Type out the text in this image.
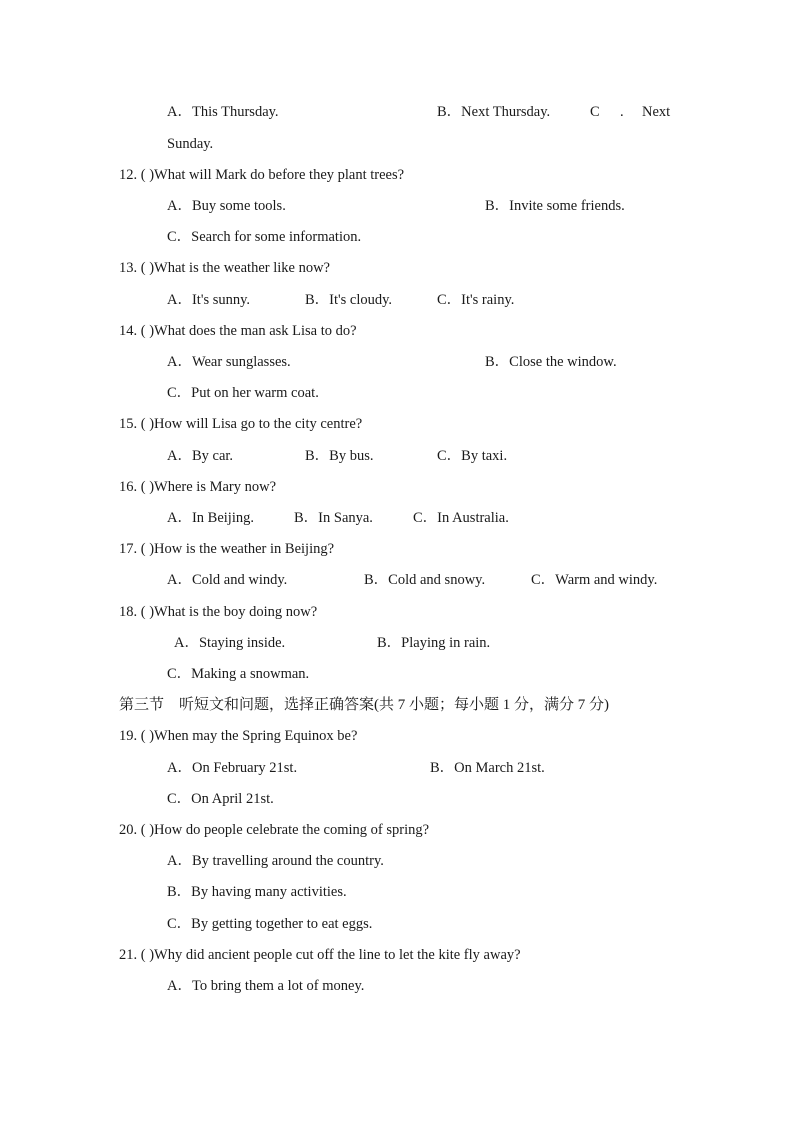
A．This Thursday.	B．Next Thursday.	C . Next
Sunday.
12. ( )What will Mark do before they plant trees?
A．Buy some tools.	B．Invite some friends.
C．Search for some information.
13. ( )What is the weather like now?
A．It's sunny.	B．It's cloudy.	C．It's rainy.
14. ( )What does the man ask Lisa to do?
A．Wear sunglasses.	B．Close the window.
C．Put on her warm coat.
15. ( )How will Lisa go to the city centre?
A．By car.	B．By bus.	C．By taxi.
16. ( )Where is Mary now?
A．In Beijing.	B．In Sanya.	C．In Australia.
17. ( )How is the weather in Beijing?
A．Cold and windy.	B．Cold and snowy.	C．Warm and windy.
18. ( )What is the boy doing now?
A．Staying inside.	B．Playing in rain.
C．Making a snowman.
第三节　听短文和问题，选择正确答案(共 7 小题；每小题 1 分，满分 7 分)
19. ( )When may the Spring Equinox be?
A．On February 21st.	B．On March 21st.
C．On April 21st.
20. ( )How do people celebrate the coming of spring?
A．By travelling around the country.
B．By having many activities.
C．By getting together to eat eggs.
21. ( )Why did ancient people cut off the line to let the kite fly away?
A．To bring them a lot of money.
